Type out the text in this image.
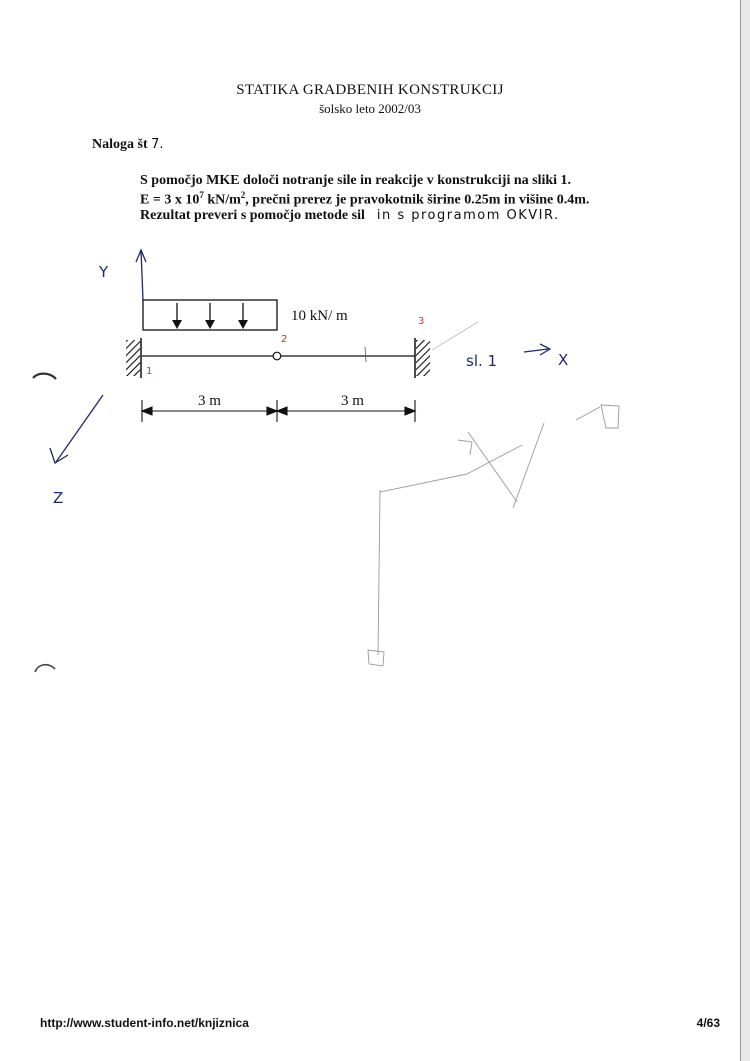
STATIKA GRADBENIH KONSTRUKCIJ
šolsko leto 2002/03
Naloga št 7.
S pomočjo MKE določi notranje sile in reakcije v konstrukciji na sliki 1.
E = 3 x $10^7$ $kN/m^2$, prečni prerez je pravokotnik širine 0.25m in višine 0.4m.
Rezultat preveri s pomočjo metode sil in s programom OKVIR.
Y
10 kN/ m
1
2
3
3 m	3 m
sl. 1	X
Z
http://www.student-info.net/knjiznica	4/63
